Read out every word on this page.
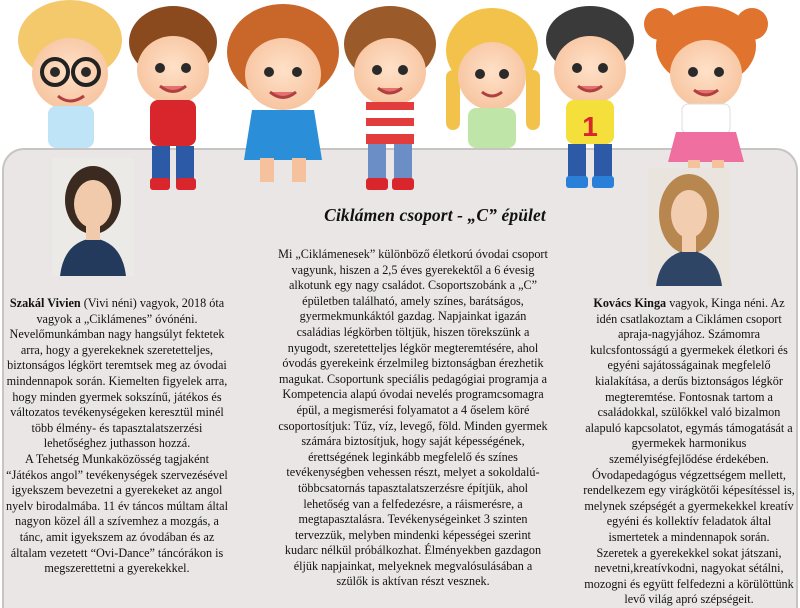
1
Ciklámen csoport - „C” épület

Szakál Vivien (Vivi néni) vagyok, 2018 óta vagyok a „Ciklámenes” óvónéni. Nevelőmunkámban nagy hangsúlyt fektetek arra, hogy a gyerekeknek szeretetteljes, biztonságos légkört teremtsek meg az óvodai mindennapok során. Kiemelten figyelek arra, hogy minden gyermek sokszínű, játékos és változatos tevékenységeken keresztül minél több élmény- és tapasztalatszerzési lehetőséghez juthasson hozzá.

A Tehetség Munkaközösség tagjaként “Játékos angol” tevékenységek szervezésével igyekszem bevezetni a gyerekeket az angol nyelv birodalmába. 11 év táncos múltam által nagyon közel áll a szívemhez a mozgás, a tánc, amit igyekszem az óvodában és az általam vezetett “Ovi-Dance” táncórákon is megszerettetni a gyerekekkel.

Mi „Ciklámenesek” különböző életkorú óvodai csoport vagyunk, hiszen a 2,5 éves gyerekektől a 6 évesig alkotunk egy nagy családot. Csoportszobánk a „C” épületben található, amely színes, barátságos, gyermekmunkáktól gazdag. Napjainkat igazán családias légkörben töltjük, hiszen törekszünk a nyugodt, szeretetteljes légkör megteremtésére, ahol óvodás gyerekeink érzelmileg biztonságban érezhetik magukat. Csoportunk speciális pedagógiai programja a Kompetencia alapú óvodai nevelés programcsomagra épül, a megismerési folyamatot a 4 őselem köré csoportosítjuk: Tűz, víz, levegő, föld. Minden gyermek számára biztosítjuk, hogy saját képességének, érettségének leginkább megfelelő és színes tevékenységben vehessen részt, melyet a sokoldalú-többcsatornás tapasztalatszerzésre építjük, ahol lehetőség van a felfedezésre, a ráismerésre, a megtapasztalásra. Tevékenységeinket 3 szinten tervezzük, melyben mindenki képességei szerint kudarc nélkül próbálkozhat. Élményekben gazdagon éljük napjainkat, melyeknek megvalósulásában a szülők is aktívan részt vesznek.

Kovács Kinga vagyok, Kinga néni. Az idén csatlakoztam a Ciklámen csoport apraja-nagyjához. Számomra kulcsfontosságú a gyermekek életkori és egyéni sajátosságainak megfelelő kialakítása, a derűs biztonságos légkör megteremtése. Fontosnak tartom a családokkal, szülőkkel való bizalmon alapuló kapcsolatot, egymás támogatását a gyermekek harmonikus személyiségfejlődése érdekében.

Óvodapedagógus végzettségem mellett, rendelkezem egy virágkötői képesítéssel is, melynek szépségét a gyermekekkel kreatív egyéni és kollektív feladatok által ismertetek a mindennapok során.

Szeretek a gyerekekkel sokat játszani, nevetni,kreatívkodni, nagyokat sétálni, mozogni és együtt felfedezni a körülöttünk levő világ apró szépségeit.
